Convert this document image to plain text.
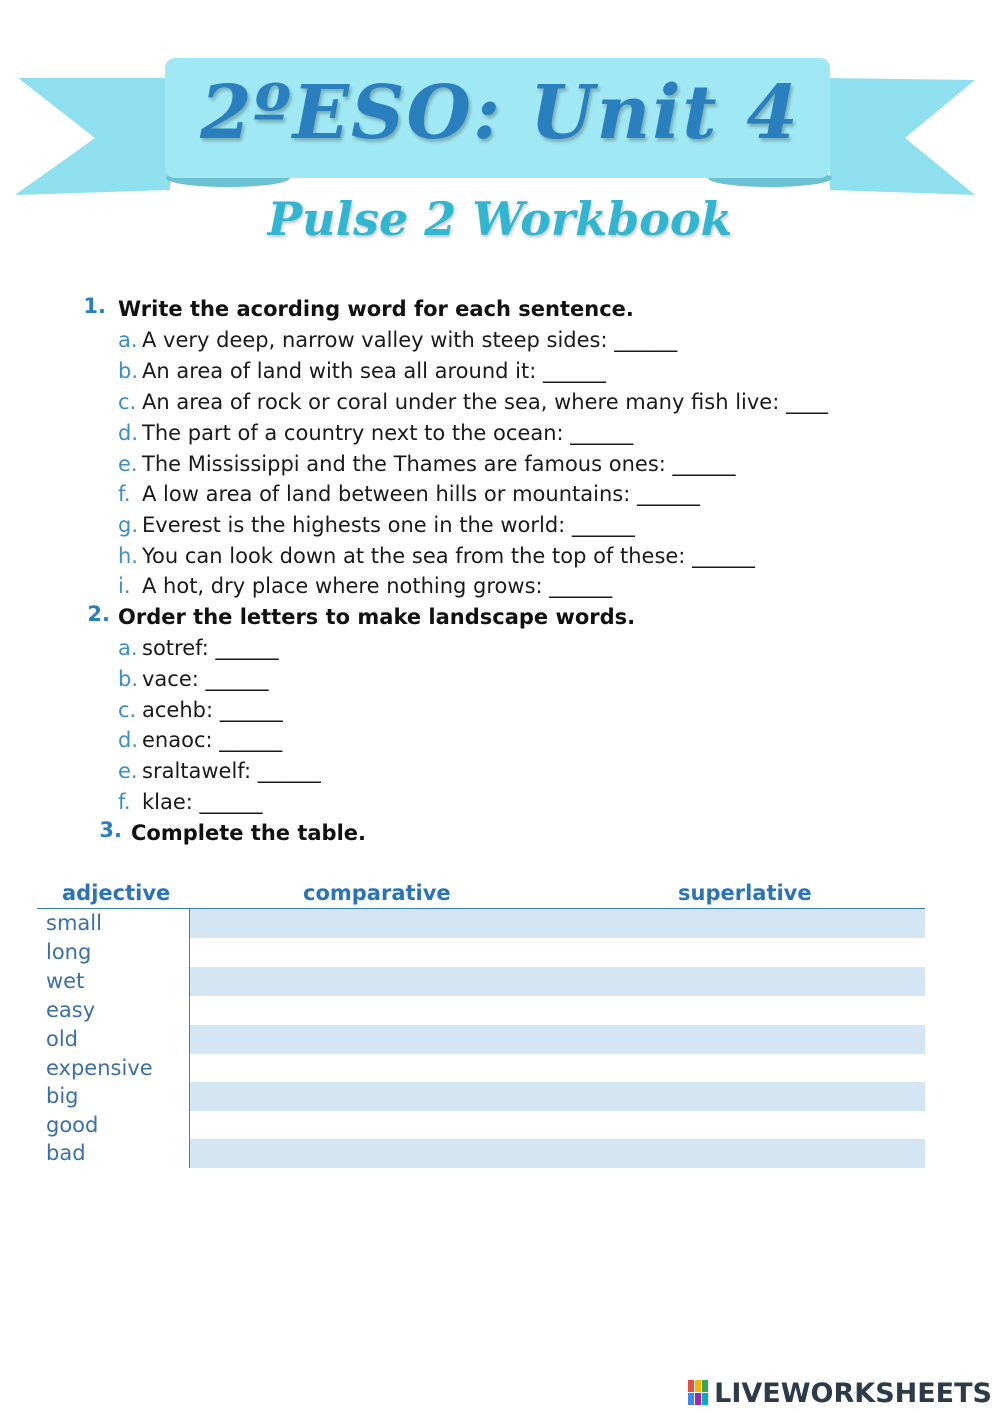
2ºESO: Unit 4
Pulse 2 Workbook
1. Write the acording word for each sentence.
a. A very deep, narrow valley with steep sides: ______
b. An area of land with sea all around it: ______
c. An area of rock or coral under the sea, where many fish live: ____
d. The part of a country next to the ocean: ______
e. The Mississippi and the Thames are famous ones: ______
f. A low area of land between hills or mountains: ______
g. Everest is the highests one in the world: ______
h. You can look down at the sea from the top of these: ______
i. A hot, dry place where nothing grows: ______
2. Order the letters to make landscape words.
a. sotref: ______
b. vace: ______
c. acehb: ______
d. enaoc: ______
e. sraltawelf: ______
f. klae: ______
3. Complete the table.
adjective	comparative	superlative
small
long
wet
easy
old
expensive
big
good
bad
LIVEWORKSHEETS
